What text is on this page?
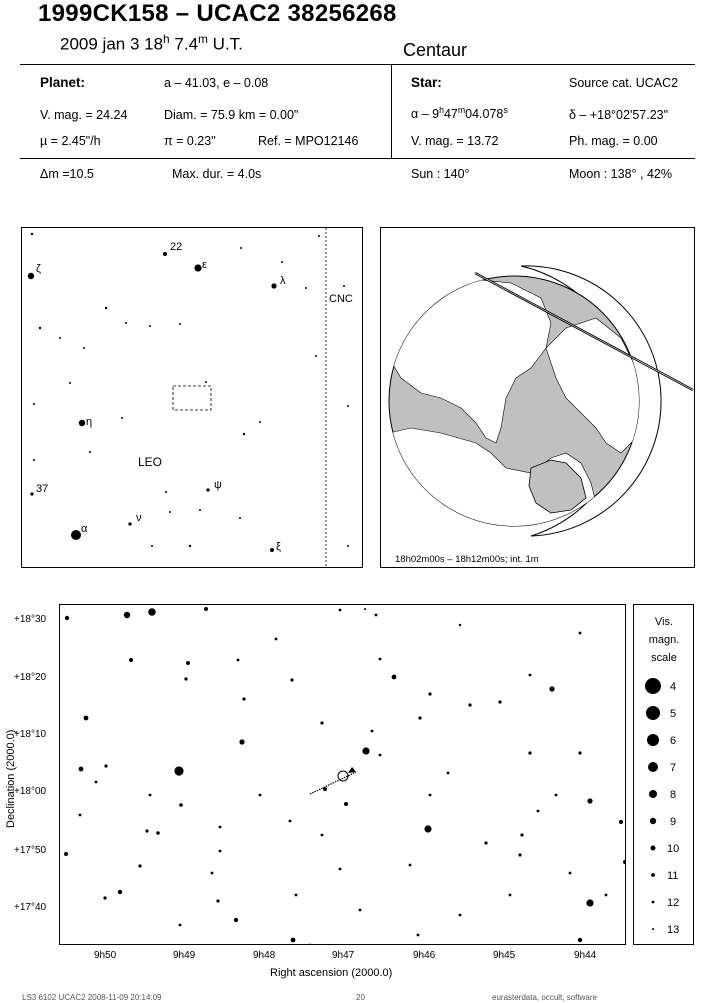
1999CK158 – UCAC2 38256268
2009 jan 3 18$^h$ 7.4$^m$ U.T.	Centaur
Planet:	a – 41.03, e – 0.08
V. mag. = 24.24	Diam. = 75.9 km = 0.00"
µ = 2.45"/h	π = 0.23"	Ref. = MPO12146
Star:	Source cat. UCAC2
α – 9$^h$47$^m$04.078$^s$	δ – +18°02'57.23"
V. mag. = 13.72	Ph. mag. = 0.00
Δm =10.5	Max. dur. = 4.0s	Sun : 140°	Moon : 138° , 42%
22
ε
ζ
λ
η
37	ψ
ν
α
ξ
LEO
CNC
18h02m00s – 18h12m00s; int. 1m
+18°30
+18°20
+18°10
+18°00
+17°50
+17°40
9h50	9h49	9h48	9h47	9h46	9h45	9h44
Right ascension (2000.0)
Declination (2000.0)
Vis.
magn.
scale
4
5
6
7
8
9
10
11
12
13
LS3 6102 UCAC2 2008-11-09 20:14:09	20	eurasterdata, occult, software
